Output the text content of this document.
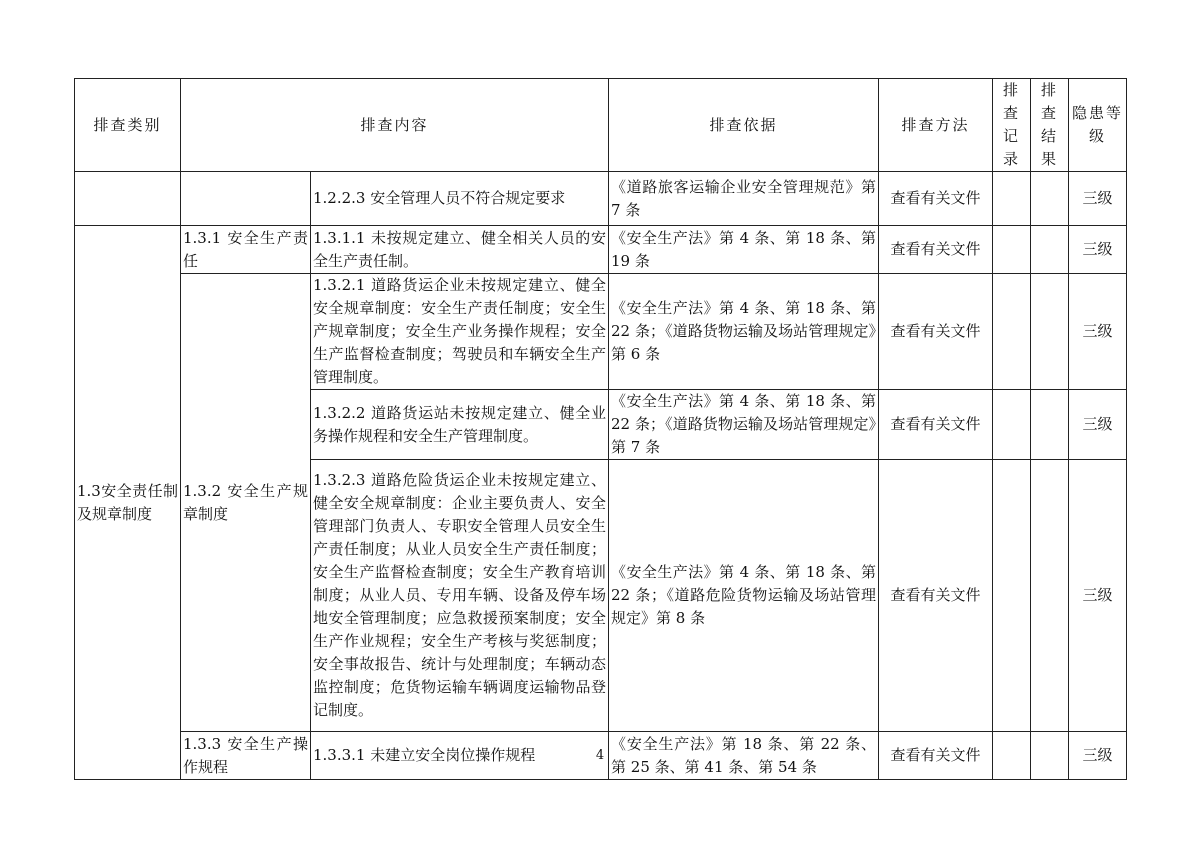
排查类别	排查内容		排查依据	排查方法	排查记录	排查结果	隐患等级
		1.2.2.3 安全管理人员不符合规定要求	《道路旅客运输企业安全管理规范》第 7 条	查看有关文件			三级
1.3安全责任制及规章制度	1.3.1 安全生产责任	1.3.1.1 未按规定建立、健全相关人员的安全生产责任制。	《安全生产法》第 4 条、第 18 条、第 19 条	查看有关文件			三级
	1.3.2 安全生产规章制度	1.3.2.1 道路货运企业未按规定建立、健全安全规章制度：安全生产责任制度；安全生产规章制度；安全生产业务操作规程；安全生产监督检查制度；驾驶员和车辆安全生产管理制度。	《安全生产法》第 4 条、第 18 条、第 22 条；《道路货物运输及场站管理规定》第 6 条	查看有关文件			三级
		1.3.2.2 道路货运站未按规定建立、健全业务操作规程和安全生产管理制度。	《安全生产法》第 4 条、第 18 条、第 22 条；《道路货物运输及场站管理规定》第 7 条	查看有关文件			三级
		1.3.2.3 道路危险货运企业未按规定建立、健全安全规章制度：企业主要负责人、安全管理部门负责人、专职安全管理人员安全生产责任制度；从业人员安全生产责任制度；安全生产监督检查制度；安全生产教育培训制度；从业人员、专用车辆、设备及停车场地安全管理制度；应急救援预案制度；安全生产作业规程；安全生产考核与奖惩制度；安全事故报告、统计与处理制度；车辆动态监控制度；危货物运输车辆调度运输物品登记制度。	《安全生产法》第 4 条、第 18 条、第 22 条；《道路危险货物运输及场站管理规定》第 8 条	查看有关文件			三级
	1.3.3 安全生产操作规程	1.3.3.1 未建立安全岗位操作规程	《安全生产法》第 18 条、第 22 条、第 25 条、第 41 条、第 54 条	查看有关文件			三级
4
